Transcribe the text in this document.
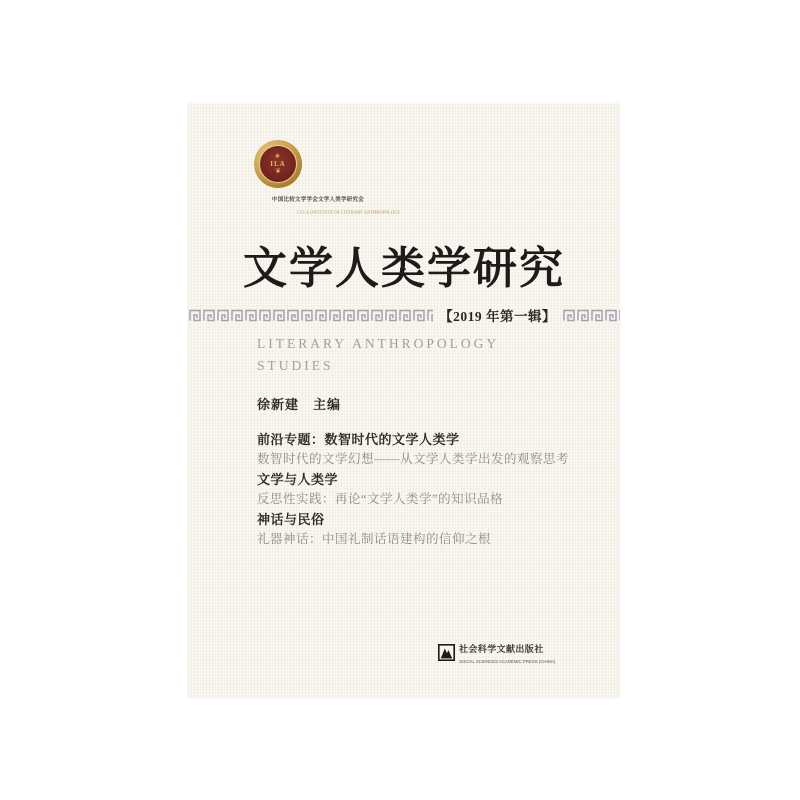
❖
ILA
❦
中国比较文学学会文学人类学研究会
CCLA INSTITUTE OF LITERARY ANTHROPOLOGY
文学人类学研究
【2019 年第一辑】
LITERARY ANTHROPOLOGY
STUDIES
徐新建　主编
前沿专题：数智时代的文学人类学
数智时代的文学幻想——从文学人类学出发的观察思考
文学与人类学
反思性实践：再论“文学人类学”的知识品格
神话与民俗
礼器神话：中国礼制话语建构的信仰之根
社会科学文献出版社
SOCIAL SCIENCES ACADEMIC PRESS (CHINA)
